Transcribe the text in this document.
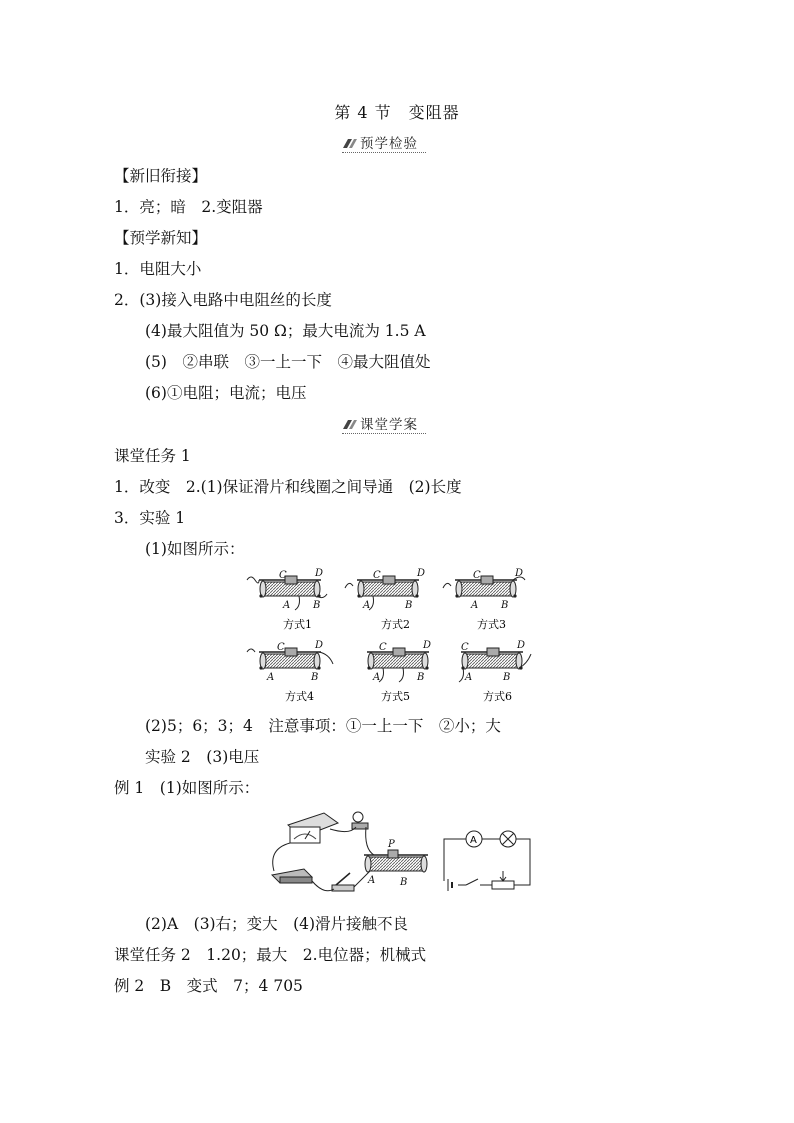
第 4 节　变阻器
预学检验
【新旧衔接】
1．亮；暗　2.变阻器
【预学新知】
1．电阻大小
2．(3)接入电路中电阻丝的长度
(4)最大阻值为 50 Ω；最大电流为 1.5 A
(5)　②串联　③一上一下　④最大阻值处
(6)①电阻；电流；电压
课堂学案
课堂任务 1
1．改变　2.(1)保证滑片和线圈之间导通　(2)长度
3．实验 1
(1)如图所示：
C	D
A B
C	D
A	B
C	D
A B
方式1	方式2	方式3
C	D
A	B
C	D
A	B
C	D
A	B
方式4	方式5	方式6
(2)5；6；3；4　注意事项：①一上一下　②小；大
实验 2　(3)电压
例 1　(1)如图所示：
P
A B
A
(2)A　(3)右；变大　(4)滑片接触不良
课堂任务 2　1.20；最大　2.电位器；机械式
例 2　B　变式　7；4 705
